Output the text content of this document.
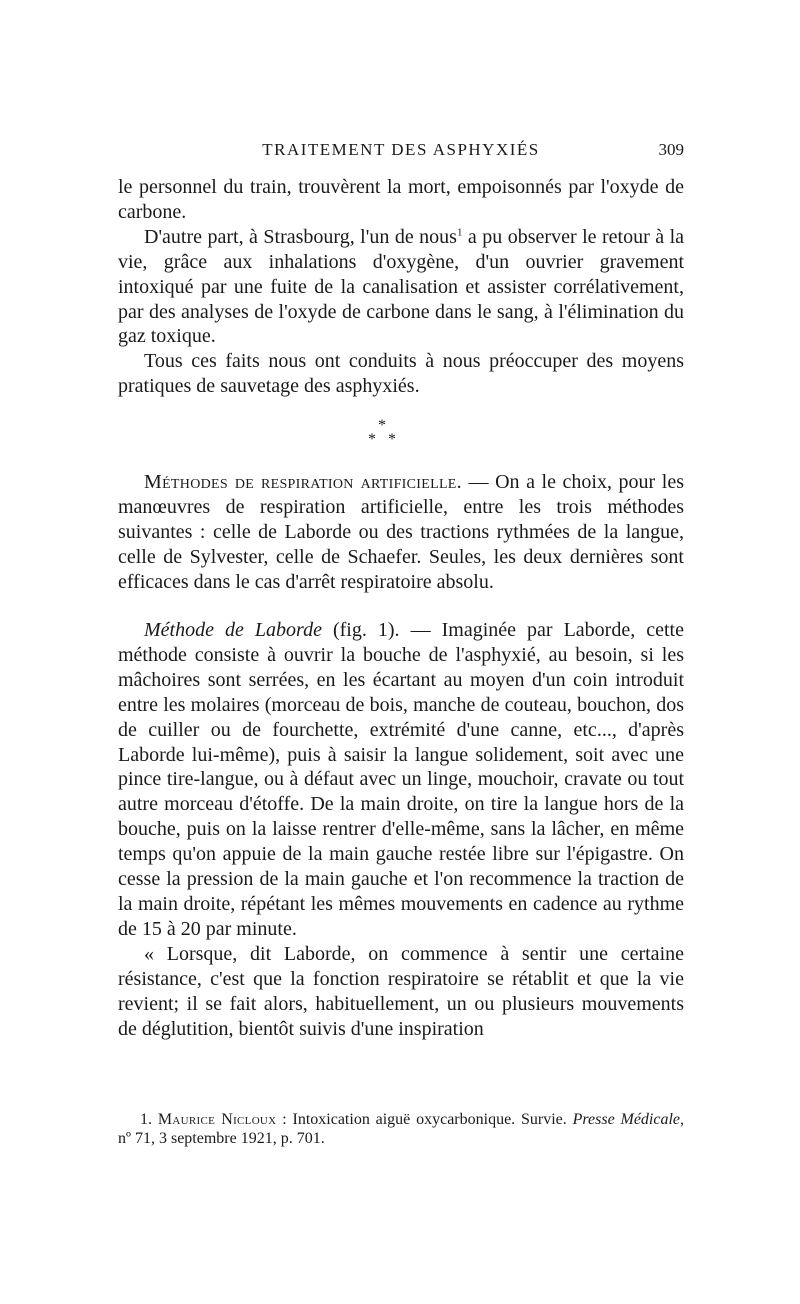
TRAITEMENT DES ASPHYXIÉS	309

le personnel du train, trouvèrent la mort, empoisonnés par l'oxyde de carbone.

D'autre part, à Strasbourg, l'un de nous$^1$ a pu observer le retour à la vie, grâce aux inhalations d'oxygène, d'un ouvrier gravement intoxiqué par une fuite de la canalisation et assister corrélativement, par des analyses de l'oxyde de carbone dans le sang, à l'élimination du gaz toxique.

Tous ces faits nous ont conduits à nous préoccuper des moyens pratiques de sauvetage des asphyxiés.

*
* *

Méthodes de respiration artificielle. — On a le choix, pour les manœuvres de respiration artificielle, entre les trois méthodes suivantes : celle de Laborde ou des tractions rythmées de la langue, celle de Sylvester, celle de Schaefer. Seules, les deux dernières sont efficaces dans le cas d'arrêt respiratoire absolu.

Méthode de Laborde (fig. 1). — Imaginée par Laborde, cette méthode consiste à ouvrir la bouche de l'asphyxié, au besoin, si les mâchoires sont serrées, en les écartant au moyen d'un coin introduit entre les molaires (morceau de bois, manche de couteau, bouchon, dos de cuiller ou de fourchette, extrémité d'une canne, etc..., d'après Laborde lui-même), puis à saisir la langue solidement, soit avec une pince tire-langue, ou à défaut avec un linge, mouchoir, cravate ou tout autre morceau d'étoffe. De la main droite, on tire la langue hors de la bouche, puis on la laisse rentrer d'elle-même, sans la lâcher, en même temps qu'on appuie de la main gauche restée libre sur l'épigastre. On cesse la pression de la main gauche et l'on recommence la traction de la main droite, répétant les mêmes mouvements en cadence au rythme de 15 à 20 par minute.

« Lorsque, dit Laborde, on commence à sentir une certaine résistance, c'est que la fonction respiratoire se rétablit et que la vie revient; il se fait alors, habituellement, un ou plusieurs mouvements de déglutition, bientôt suivis d'une inspiration

1. Maurice Nicloux : Intoxication aiguë oxycarbonique. Survie. Presse Médicale, nº 71, 3 septembre 1921, p. 701.
